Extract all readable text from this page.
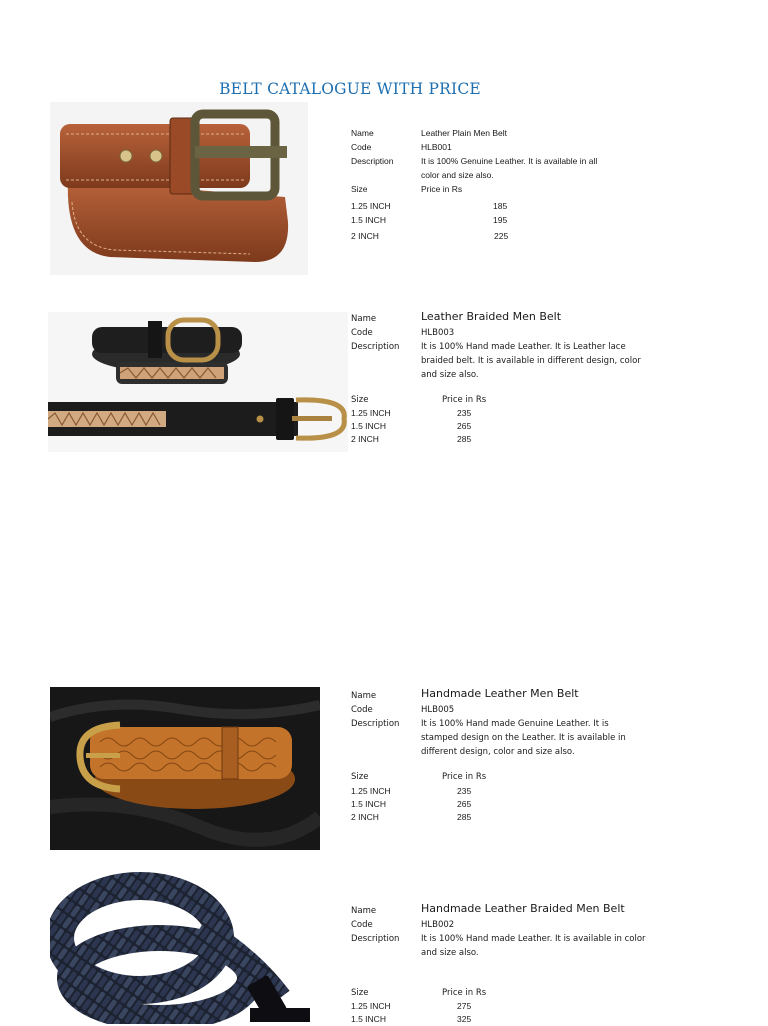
BELT CATALOGUE WITH PRICE
Name	Leather Plain Men Belt
Code	HLB001
Description	It is 100% Genuine Leather. It is available in all color and size also.
Size	Price in Rs
1.25 INCH	185
1.5 INCH	195
2 INCH	225
Name	Leather Braided Men Belt
Code	HLB003
Description	It is 100% Hand made Leather. It is Leather lace braided belt. It is available in different design, color and size also.
Size	Price in Rs
1.25 INCH	235
1.5 INCH	265
2 INCH	285
Name	Handmade Leather Men Belt
Code	HLB005
Description	It is 100% Hand made Genuine Leather. It is stamped design on the Leather. It is available in different design, color and size also.
Size	Price in Rs
1.25 INCH	235
1.5 INCH	265
2 INCH	285
Name	Handmade Leather Braided Men Belt
Code	HLB002
Description	It is 100% Hand made Leather. It is available in color and size also.
Size	Price in Rs
1.25 INCH	275
1.5 INCH	325
